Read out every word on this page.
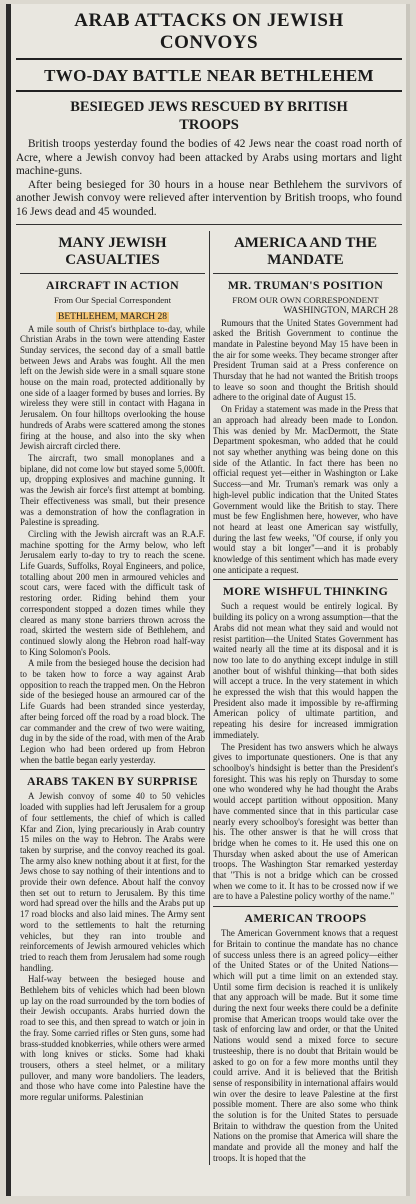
ARAB ATTACKS ON JEWISH
CONVOYS
TWO-DAY BATTLE NEAR BETHLEHEM
BESIEGED JEWS RESCUED BY BRITISH
TROOPS

British troops yesterday found the bodies of 42 Jews near the coast road north of Acre, where a Jewish convoy had been attacked by Arabs using mortars and light machine-guns.

After being besieged for 30 hours in a house near Bethlehem the survivors of another Jewish convoy were relieved after intervention by British troops, who found 16 Jews dead and 45 wounded.

MANY JEWISH
CASUALTIES
AIRCRAFT IN ACTION
From Our Special Correspondent
BETHLEHEM, MARCH 28

A mile south of Christ's birthplace to-day, while Christian Arabs in the town were attending Easter Sunday services, the second day of a small battle between Jews and Arabs was fought. All the men left on the Jewish side were in a small square stone house on the main road, protected additionally by one side of a laager formed by buses and lorries. By wireless they were still in contact with Hagana in Jerusalem. On four hilltops overlooking the house hundreds of Arabs were scattered among the stones firing at the house, and also into the sky when Jewish aircraft circled there.

The aircraft, two small monoplanes and a biplane, did not come low but stayed some 5,000ft. up, dropping explosives and machine gunning. It was the Jewish air force's first attempt at bombing. Their effectiveness was small, but their presence was a demonstration of how the conflagration in Palestine is spreading.

Circling with the Jewish aircraft was an R.A.F. machine spotting for the Army below, who left Jerusalem early to-day to try to reach the scene. Life Guards, Suffolks, Royal Engineers, and police, totalling about 200 men in armoured vehicles and scout cars, were faced with the difficult task of restoring order. Riding behind them your correspondent stopped a dozen times while they cleared as many stone barriers thrown across the road, skirted the western side of Bethlehem, and continued slowly along the Hebron road half-way to King Solomon's Pools.

A mile from the besieged house the decision had to be taken how to force a way against Arab opposition to reach the trapped men. On the Hebron side of the besieged house an armoured car of the Life Guards had been stranded since yesterday, after being forced off the road by a road block. The car commander and the crew of two were waiting, dug in by the side of the road, with men of the Arab Legion who had been ordered up from Hebron when the battle began early yesterday.

ARABS TAKEN BY SURPRISE

A Jewish convoy of some 40 to 50 vehicles loaded with supplies had left Jerusalem for a group of four settlements, the chief of which is called Kfar and Zion, lying precariously in Arab country 15 miles on the way to Hebron. The Arabs were taken by surprise, and the convoy reached its goal. The army also knew nothing about it at first, for the Jews chose to say nothing of their intentions and to provide their own defence. About half the convoy then set out to return to Jerusalem. By this time word had spread over the hills and the Arabs put up 17 road blocks and also laid mines. The Army sent word to the settlements to halt the returning vehicles, but they ran into trouble and reinforcements of Jewish armoured vehicles which tried to reach them from Jerusalem had some rough handling.

Half-way between the besieged house and Bethlehem bits of vehicles which had been blown up lay on the road surrounded by the torn bodies of their Jewish occupants. Arabs hurried down the road to see this, and then spread to watch or join in the fray. Some carried rifles or Sten guns, some had brass-studded knobkerries, while others were armed with long knives or sticks. Some had khaki trousers, others a steel helmet, or a military pullover, and many wore bandoliers. The leaders, and those who have come into Palestine have the more regular uniforms. Palestinian

AMERICA AND THE
MANDATE
MR. TRUMAN'S POSITION
FROM OUR OWN CORRESPONDENT
WASHINGTON, MARCH 28

Rumours that the United States Government had asked the British Government to continue the mandate in Palestine beyond May 15 have been in the air for some weeks. They became stronger after President Truman said at a Press conference on Thursday that he had not wanted the British troops to leave so soon and thought the British should adhere to the original date of August 15.

On Friday a statement was made in the Press that an approach had already been made to London. This was denied by Mr. MacDermott, the State Department spokesman, who added that he could not say whether anything was being done on this side of the Atlantic. In fact there has been no official request yet—either in Washington or Lake Success—and Mr. Truman's remark was only a high-level public indication that the United States Government would like the British to stay. There must be few Englishmen here, however, who have not heard at least one American say wistfully, during the last few weeks, "Of course, if only you would stay a bit longer"—and it is probably knowledge of this sentiment which has made every one anticipate a request.

MORE WISHFUL THINKING

Such a request would be entirely logical. By building its policy on a wrong assumption—that the Arabs did not mean what they said and would not resist partition—the United States Government has waited nearly all the time at its disposal and it is now too late to do anything except indulge in still another bout of wishful thinking—that both sides will accept a truce. In the very statement in which he expressed the wish that this would happen the President also made it impossible by re-affirming American policy of ultimate partition, and repeating his desire for increased immigration immediately.

The President has two answers which he always gives to importunate questioners. One is that any schoolboy's hindsight is better than the President's foresight. This was his reply on Thursday to some one who wondered why he had thought the Arabs would accept partition without opposition. Many have commented since that in this particular case nearly every schoolboy's foresight was better than his. The other answer is that he will cross that bridge when he comes to it. He used this one on Thursday when asked about the use of American troops. The Washington Star remarked yesterday that "This is not a bridge which can be crossed when we come to it. It has to be crossed now if we are to have a Palestine policy worthy of the name."

AMERICAN TROOPS

The American Government knows that a request for Britain to continue the mandate has no chance of success unless there is an agreed policy—either of the United States or of the United Nations—which will put a time limit on an extended stay. Until some firm decision is reached it is unlikely that any approach will be made. But it some time during the next four weeks there could be a definite promise that American troops would take over the task of enforcing law and order, or that the United Nations would send a mixed force to secure trusteeship, there is no doubt that Britain would be asked to go on for a few more months until they could arrive. And it is believed that the British sense of responsibility in international affairs would win over the desire to leave Palestine at the first possible moment. There are also some who think the solution is for the United States to persuade Britain to withdraw the question from the United Nations on the promise that America will share the mandate and provide all the money and half the troops. It is hoped that the
